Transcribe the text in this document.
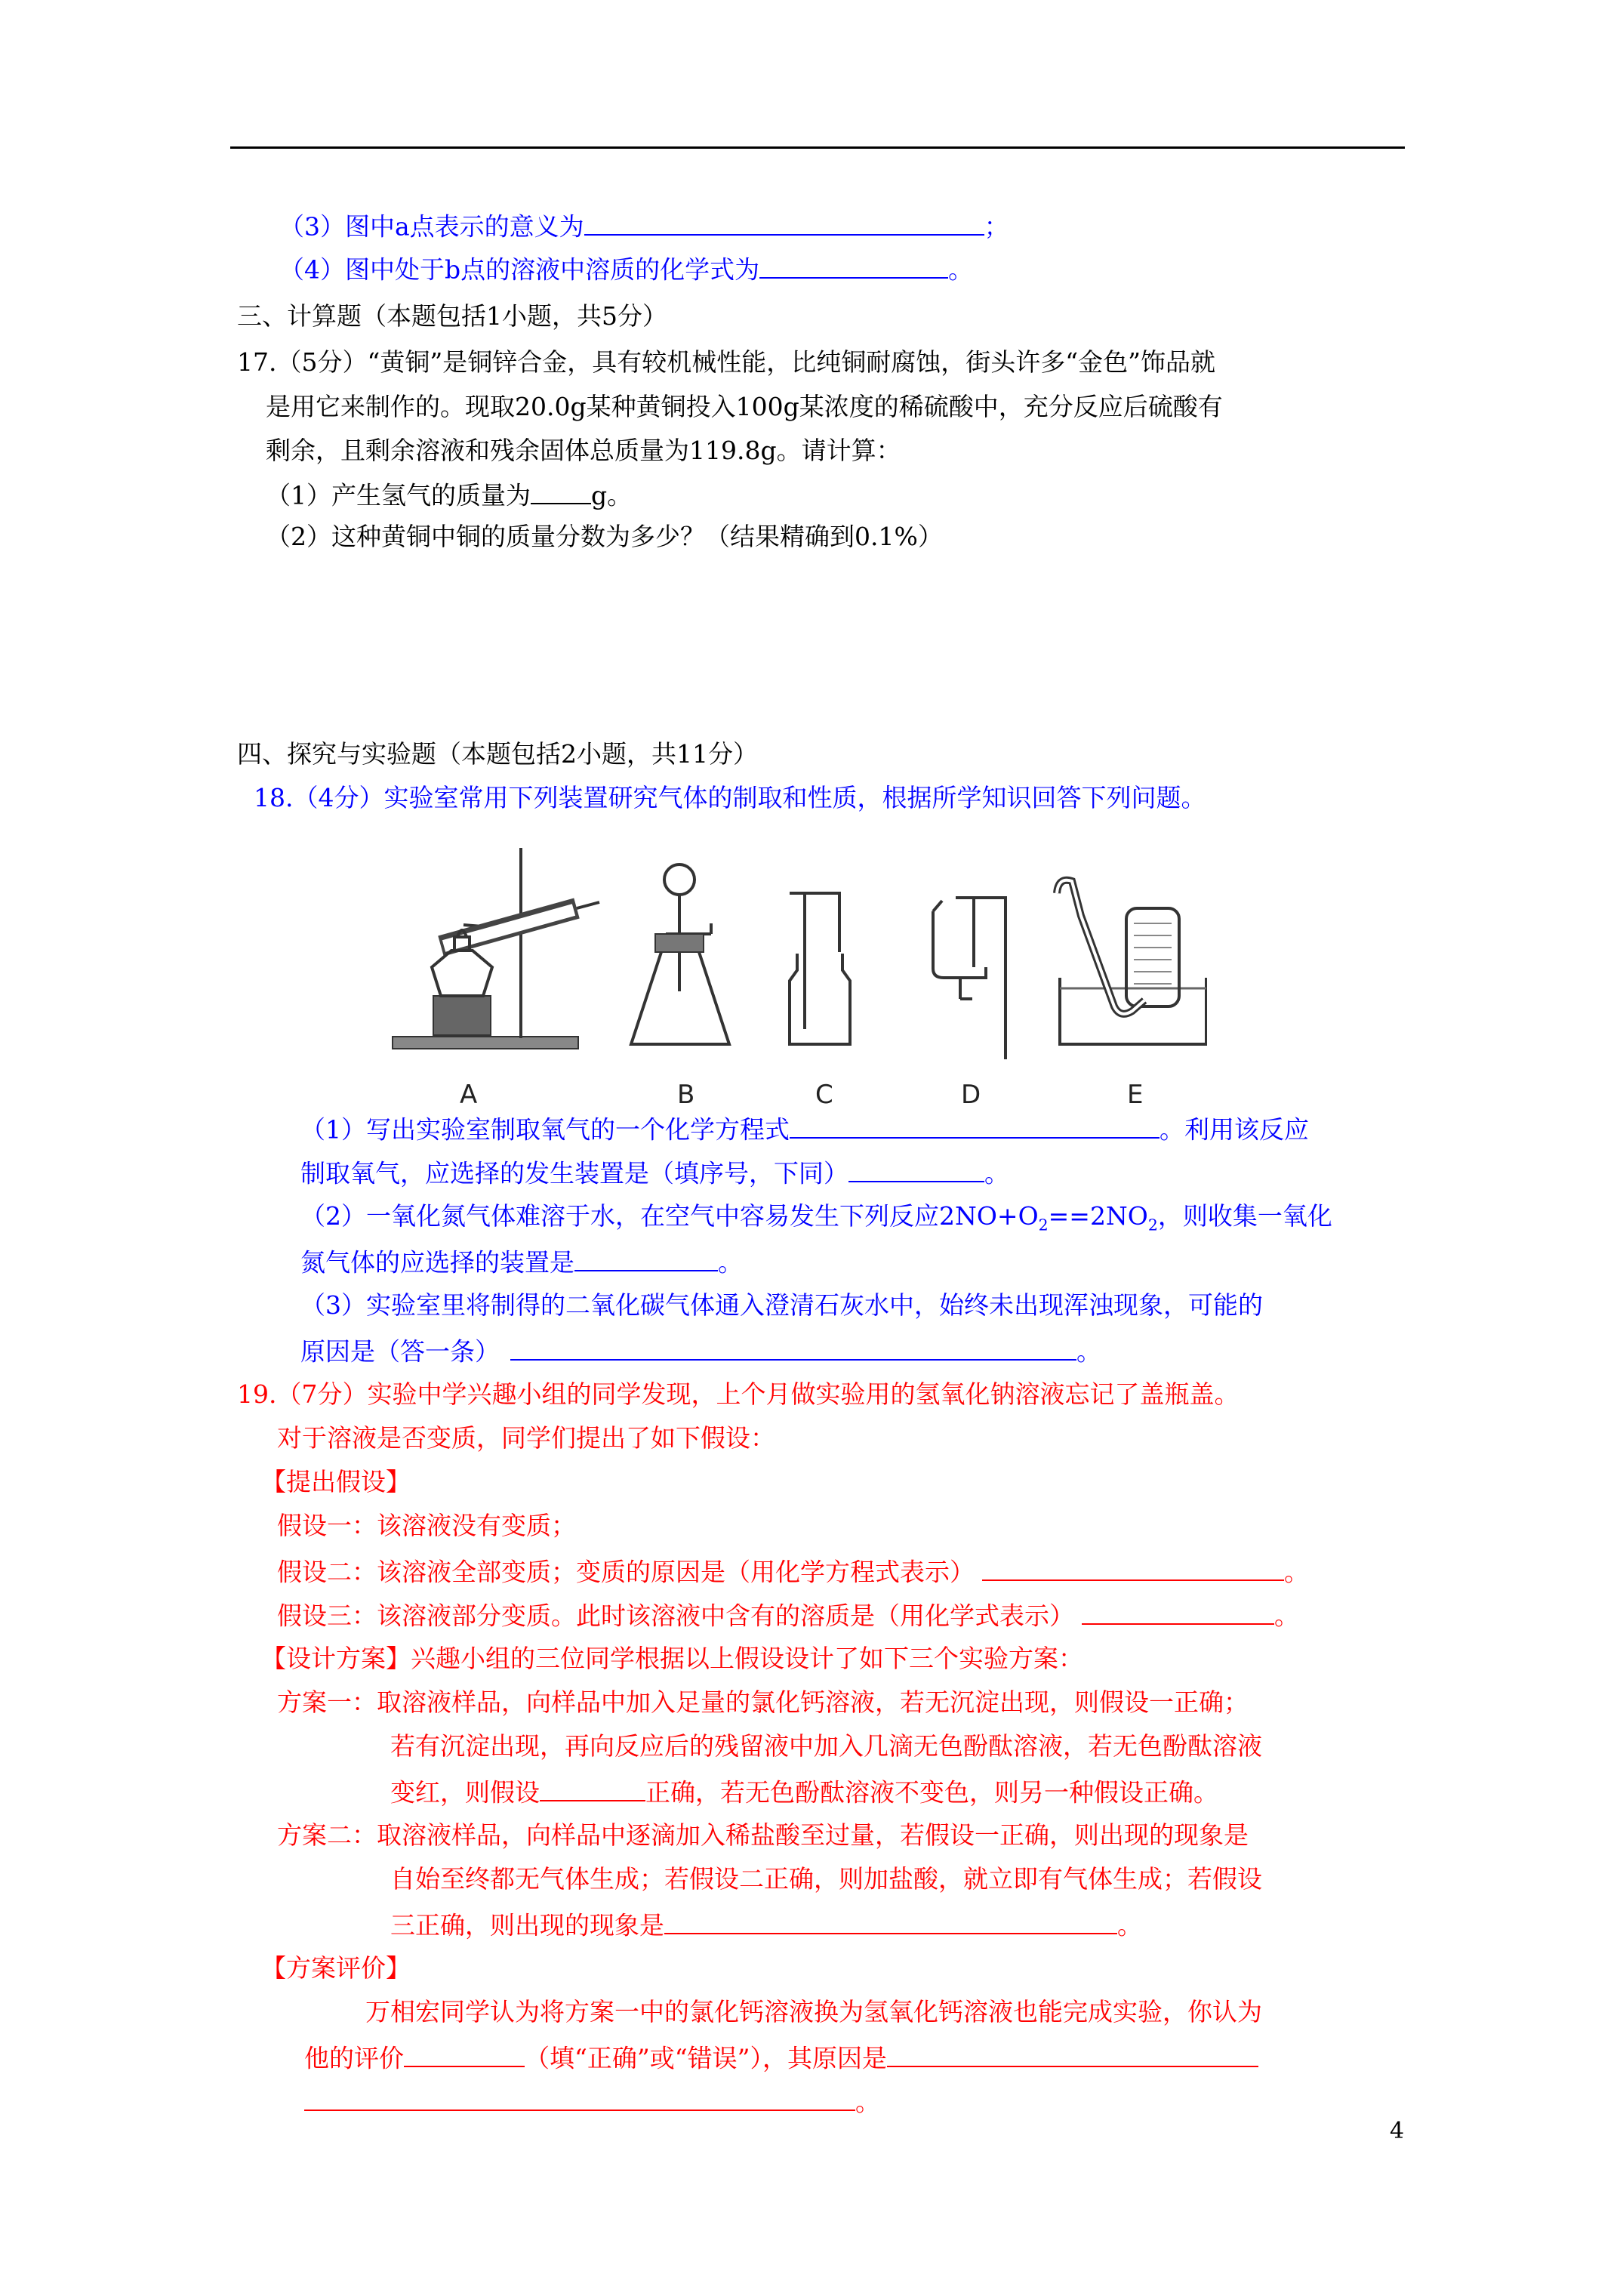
（3）图中a点表示的意义为	；
（4）图中处于b点的溶液中溶质的化学式为	。
三、计算题（本题包括1小题，共5分）
17.（5分）“黄铜”是铜锌合金，具有较机械性能，比纯铜耐腐蚀，街头许多“金色”饰品就
是用它来制作的。现取20.0g某种黄铜投入100g某浓度的稀硫酸中，充分反应后硫酸有
剩余，且剩余溶液和残余固体总质量为119.8g。请计算：
（1）产生氢气的质量为 g。
（2）这种黄铜中铜的质量分数为多少？（结果精确到0.1%）
四、探究与实验题（本题包括2小题，共11分）
18.（4分）实验室常用下列装置研究气体的制取和性质，根据所学知识回答下列问题。
A	B	C	D	E
（1）写出实验室制取氧气的一个化学方程式	。利用该反应
制取氧气，应选择的发生装置是（填序号，下同）	。
（2）一氧化氮气体难溶于水，在空气中容易发生下列反应$2NO+O_2==2NO_2$，则收集一氧化
氮气体的应选择的装置是	。
（3）实验室里将制得的二氧化碳气体通入澄清石灰水中，始终未出现浑浊现象，可能的
原因是（答一条）	。
19.（7分）实验中学兴趣小组的同学发现，上个月做实验用的氢氧化钠溶液忘记了盖瓶盖。
对于溶液是否变质，同学们提出了如下假设：
【提出假设】
假设一：该溶液没有变质；
假设二：该溶液全部变质；变质的原因是（用化学方程式表示）	。
假设三：该溶液部分变质。此时该溶液中含有的溶质是（用化学式表示）	。
【设计方案】兴趣小组的三位同学根据以上假设设计了如下三个实验方案：
方案一：取溶液样品，向样品中加入足量的氯化钙溶液，若无沉淀出现，则假设一正确；
若有沉淀出现，再向反应后的残留液中加入几滴无色酚酞溶液，若无色酚酞溶液
变红，则假设	正确，若无色酚酞溶液不变色，则另一种假设正确。
方案二：取溶液样品，向样品中逐滴加入稀盐酸至过量，若假设一正确，则出现的现象是
自始至终都无气体生成；若假设二正确，则加盐酸，就立即有气体生成；若假设
三正确，则出现的现象是	。
【方案评价】
万相宏同学认为将方案一中的氯化钙溶液换为氢氧化钙溶液也能完成实验，你认为
他的评价	（填“正确”或“错误”），其原因是
。
4
